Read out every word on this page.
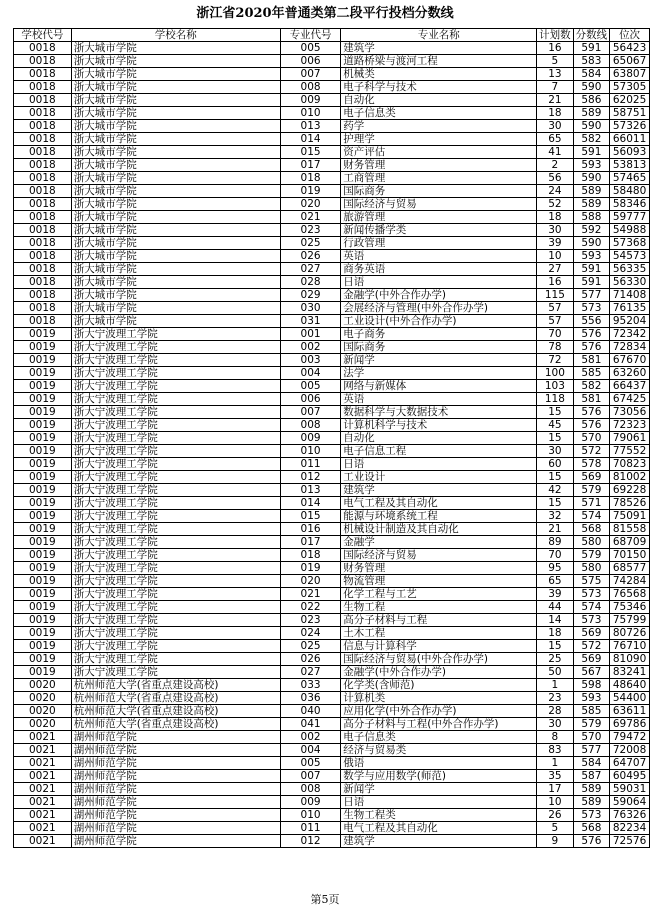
浙江省2020年普通类第二段平行投档分数线
学校代号	学校名称	专业代号	专业名称	计划数	分数线	位次
0018	浙大城市学院	005	建筑学	16	591	56423
0018	浙大城市学院	006	道路桥梁与渡河工程	5	583	65067
0018	浙大城市学院	007	机械类	13	584	63807
0018	浙大城市学院	008	电子科学与技术	7	590	57305
0018	浙大城市学院	009	自动化	21	586	62025
0018	浙大城市学院	010	电子信息类	18	589	58751
0018	浙大城市学院	013	药学	30	590	57326
0018	浙大城市学院	014	护理学	65	582	66011
0018	浙大城市学院	015	资产评估	41	591	56093
0018	浙大城市学院	017	财务管理	2	593	53813
0018	浙大城市学院	018	工商管理	56	590	57465
0018	浙大城市学院	019	国际商务	24	589	58480
0018	浙大城市学院	020	国际经济与贸易	52	589	58346
0018	浙大城市学院	021	旅游管理	18	588	59777
0018	浙大城市学院	023	新闻传播学类	30	592	54988
0018	浙大城市学院	025	行政管理	39	590	57368
0018	浙大城市学院	026	英语	10	593	54573
0018	浙大城市学院	027	商务英语	27	591	56335
0018	浙大城市学院	028	日语	16	591	56330
0018	浙大城市学院	029	金融学(中外合作办学)	115	577	71408
0018	浙大城市学院	030	会展经济与管理(中外合作办学)	57	573	76135
0018	浙大城市学院	031	工业设计(中外合作办学)	57	556	95204
0019	浙大宁波理工学院	001	电子商务	70	576	72342
0019	浙大宁波理工学院	002	国际商务	78	576	72834
0019	浙大宁波理工学院	003	新闻学	72	581	67670
0019	浙大宁波理工学院	004	法学	100	585	63260
0019	浙大宁波理工学院	005	网络与新媒体	103	582	66437
0019	浙大宁波理工学院	006	英语	118	581	67425
0019	浙大宁波理工学院	007	数据科学与大数据技术	15	576	73056
0019	浙大宁波理工学院	008	计算机科学与技术	45	576	72323
0019	浙大宁波理工学院	009	自动化	15	570	79061
0019	浙大宁波理工学院	010	电子信息工程	30	572	77552
0019	浙大宁波理工学院	011	日语	60	578	70823
0019	浙大宁波理工学院	012	工业设计	15	569	81002
0019	浙大宁波理工学院	013	建筑学	42	579	69228
0019	浙大宁波理工学院	014	电气工程及其自动化	15	571	78526
0019	浙大宁波理工学院	015	能源与环境系统工程	32	574	75091
0019	浙大宁波理工学院	016	机械设计制造及其自动化	21	568	81558
0019	浙大宁波理工学院	017	金融学	89	580	68709
0019	浙大宁波理工学院	018	国际经济与贸易	70	579	70150
0019	浙大宁波理工学院	019	财务管理	95	580	68577
0019	浙大宁波理工学院	020	物流管理	65	575	74284
0019	浙大宁波理工学院	021	化学工程与工艺	39	573	76568
0019	浙大宁波理工学院	022	生物工程	44	574	75346
0019	浙大宁波理工学院	023	高分子材料与工程	14	573	75799
0019	浙大宁波理工学院	024	土木工程	18	569	80726
0019	浙大宁波理工学院	025	信息与计算科学	15	572	76710
0019	浙大宁波理工学院	026	国际经济与贸易(中外合作办学)	25	569	81090
0019	浙大宁波理工学院	027	金融学(中外合作办学)	50	567	83241
0020	杭州师范大学(省重点建设高校)	033	化学类(含师范)	1	598	48640
0020	杭州师范大学(省重点建设高校)	036	计算机类	23	593	54400
0020	杭州师范大学(省重点建设高校)	040	应用化学(中外合作办学)	28	585	63611
0020	杭州师范大学(省重点建设高校)	041	高分子材料与工程(中外合作办学)	30	579	69786
0021	湖州师范学院	002	电子信息类	8	570	79472
0021	湖州师范学院	004	经济与贸易类	83	577	72008
0021	湖州师范学院	005	俄语	1	584	64707
0021	湖州师范学院	007	数学与应用数学(师范)	35	587	60495
0021	湖州师范学院	008	新闻学	17	589	59031
0021	湖州师范学院	009	日语	10	589	59064
0021	湖州师范学院	010	生物工程类	26	573	76326
0021	湖州师范学院	011	电气工程及其自动化	5	568	82234
0021	湖州师范学院	012	建筑学	9	576	72576
第5页
